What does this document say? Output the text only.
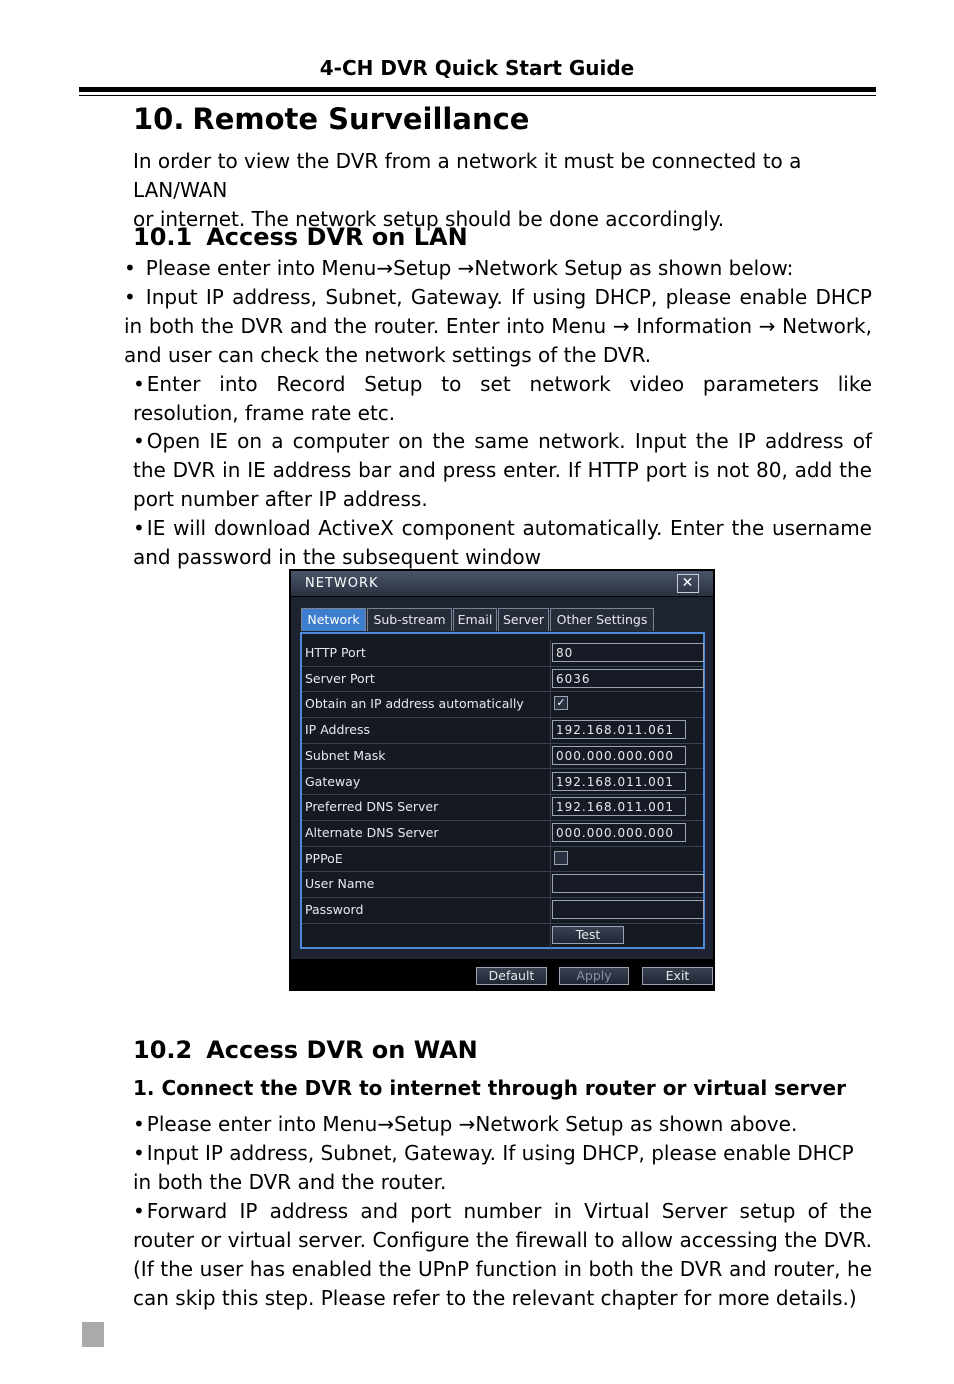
4-CH DVR Quick Start Guide
10. Remote Surveillance
In order to view the DVR from a network it must be connected to a LAN/WAN
or internet. The network setup should be done accordingly.
10.1 Access DVR on LAN
• Please enter into Menu→Setup →Network Setup as shown below:
• Input IP address, Subnet, Gateway. If using DHCP, please enable DHCP in both the DVR and the router. Enter into Menu → Information → Network, and user can check the network settings of the DVR.
• Enter into Record Setup to set network video parameters like resolution, frame rate etc.
• Open IE on a computer on the same network. Input the IP address of the DVR in IE address bar and press enter. If HTTP port is not 80, add the port number after IP address.
• IE will download ActiveX component automatically. Enter the username and password in the subsequent window
NETWORK	✕
Network	Sub-stream Email Server	Other Settings
HTTP Port	80
Server Port	6036
Obtain an IP address automatically	✓
IP Address	192.168.011.061
Subnet Mask	000.000.000.000
Gateway	192.168.011.001
Preferred DNS Server	192.168.011.001
Alternate DNS Server	000.000.000.000
PPPoE
User Name
Password
Test
Default	Apply	Exit
10.2 Access DVR on WAN
1. Connect the DVR to internet through router or virtual server
• Please enter into Menu→Setup →Network Setup as shown above.
• Input IP address, Subnet, Gateway. If using DHCP, please enable DHCP in both the DVR and the router.
• Forward IP address and port number in Virtual Server setup of the router or virtual server. Configure the firewall to allow accessing the DVR. (If the user has enabled the UPnP function in both the DVR and router, he can skip this step. Please refer to the relevant chapter for more details.)
